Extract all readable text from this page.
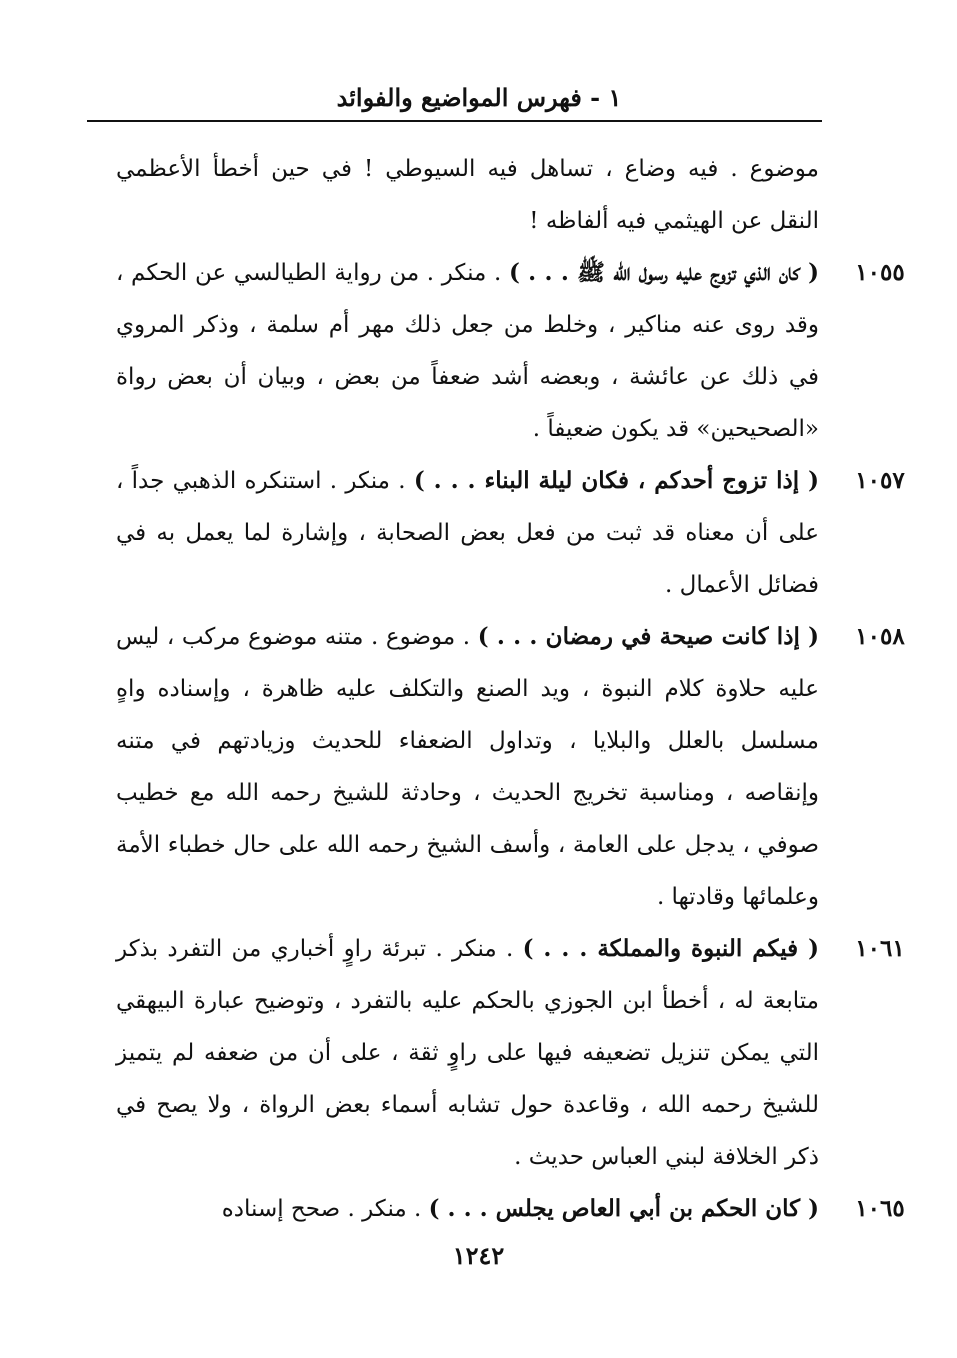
١ - فهرس المواضيع والفوائد

موضوع . فيه وضاع ، تساهل فيه السيوطي ! في حين أخطأ الأعظمي النقل عن الهيثمي فيه ألفاظه !

١٠٥٥

( كان الذي تزوج عليه رسول الله ﷺ . . . ) . منكر . من رواية الطيالسي عن الحكم ، وقد روى عنه مناكير ، وخلط من جعل ذلك مهر أم سلمة ، وذكر المروي في ذلك عن عائشة ، وبعضه أشد ضعفاً من بعض ، وبيان أن بعض رواة «الصحيحين» قد يكون ضعيفاً .

١٠٥٧

( إذا تزوج أحدكم ، فكان ليلة البناء . . . ) . منكر . استنكره الذهبي جداً ، على أن معناه قد ثبت من فعل بعض الصحابة ، وإشارة لما يعمل به في فضائل الأعمال .

١٠٥٨

( إذا كانت صيحة في رمضان . . . ) . موضوع . متنه موضوع مركب ، ليس عليه حلاوة كلام النبوة ، ويد الصنع والتكلف عليه ظاهرة ، وإسناده واهٍ مسلسل بالعلل والبلايا ، وتداول الضعفاء للحديث وزيادتهم في متنه وإنقاصه ، ومناسبة تخريج الحديث ، وحادثة للشيخ رحمه الله مع خطيب صوفي ، يدجل على العامة ، وأسف الشيخ رحمه الله على حال خطباء الأمة وعلمائها وقادتها .

١٠٦١

( فيكم النبوة والمملكة . . . ) . منكر . تبرئة راوٍ أخباري من التفرد بذكر متابعة له ، أخطأ ابن الجوزي بالحكم عليه بالتفرد ، وتوضيح عبارة البيهقي التي يمكن تنزيل تضعيفه فيها على راوٍ ثقة ، على أن من ضعفه لم يتميز للشيخ رحمه الله ، وقاعدة حول تشابه أسماء بعض الرواة ، ولا يصح في ذكر الخلافة لبني العباس حديث .

١٠٦٥

( كان الحكم بن أبي العاص يجلس . . . ) . منكر . صحح إسناده

١٢٤٢
